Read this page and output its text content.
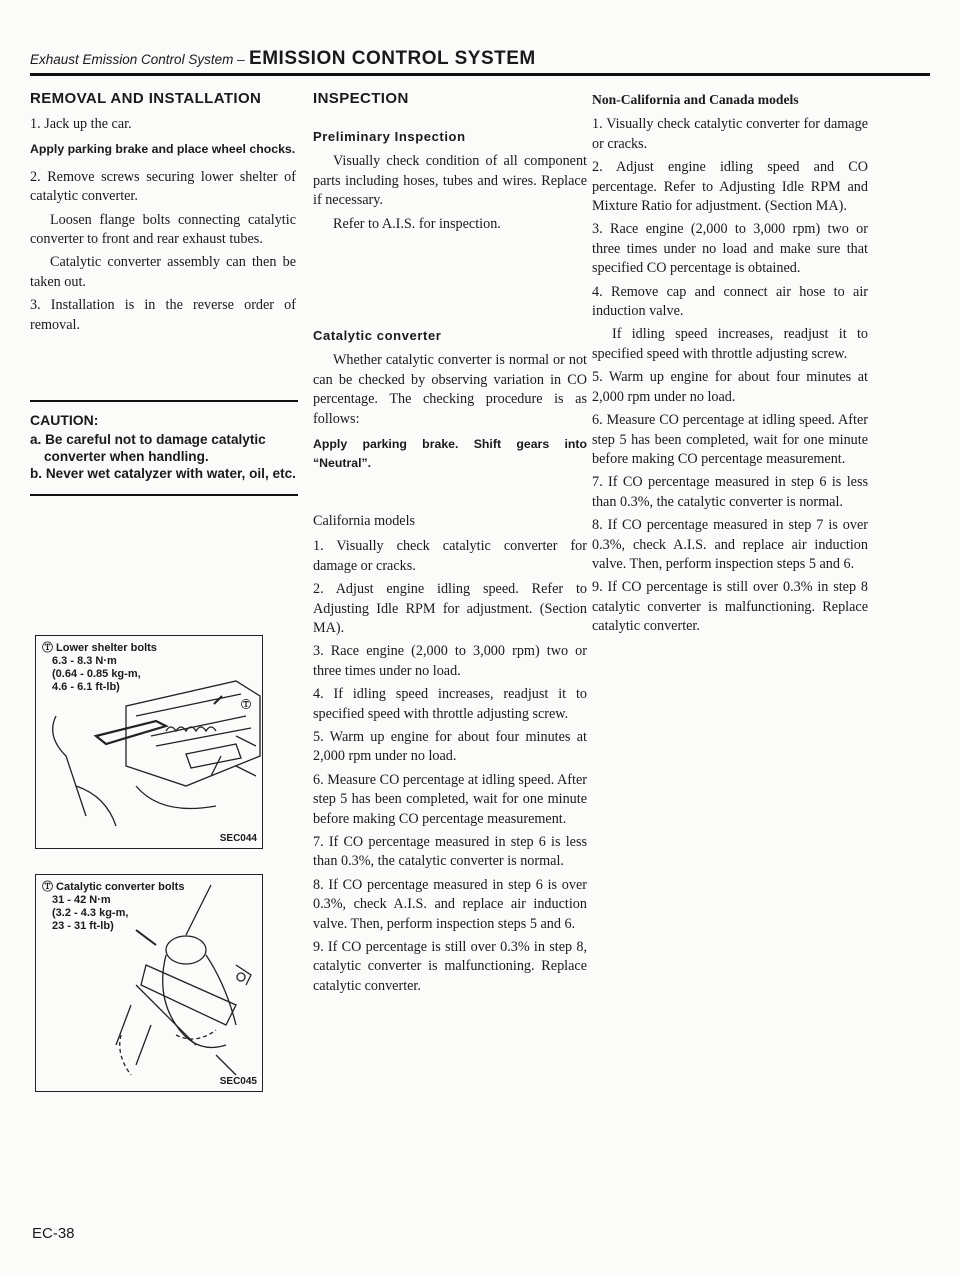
Exhaust Emission Control System – EMISSION CONTROL SYSTEM
REMOVAL AND INSTALLATION

1. Jack up the car.

Apply parking brake and place wheel chocks.

2. Remove screws securing lower shelter of catalytic converter.

Loosen flange bolts connecting catalytic converter to front and rear exhaust tubes.

Catalytic converter assembly can then be taken out.

3. Installation is in the reverse order of removal.

CAUTION:
a. Be careful not to damage catalytic converter when handling.
b. Never wet catalyzer with water, oil, etc.
Ⓣ Lower shelter bolts
6.3 - 8.3 N·m
(0.64 - 0.85 kg-m,
4.6 - 6.1 ft-lb)
Ⓣ
SEC044
Ⓣ Catalytic converter bolts
31 - 42 N·m
(3.2 - 4.3 kg-m,
23 - 31 ft-lb)
SEC045
INSPECTION
Preliminary Inspection

Visually check condition of all component parts including hoses, tubes and wires. Replace if necessary.

Refer to A.I.S. for inspection.

Catalytic converter

Whether catalytic converter is normal or not can be checked by observing variation in CO percentage. The checking procedure is as follows:

Apply parking brake. Shift gears into “Neutral”.

California models

1. Visually check catalytic converter for damage or cracks.

2. Adjust engine idling speed. Refer to Adjusting Idle RPM for adjustment. (Section MA).

3. Race engine (2,000 to 3,000 rpm) two or three times under no load.

4. If idling speed increases, readjust it to specified speed with throttle adjusting screw.

5. Warm up engine for about four minutes at 2,000 rpm under no load.

6. Measure CO percentage at idling speed. After step 5 has been completed, wait for one minute before making CO percentage measurement.

7. If CO percentage measured in step 6 is less than 0.3%, the catalytic converter is normal.

8. If CO percentage measured in step 6 is over 0.3%, check A.I.S. and replace air induction valve. Then, perform inspection steps 5 and 6.

9. If CO percentage is still over 0.3% in step 8, catalytic converter is malfunctioning. Replace catalytic converter.

Non-California and Canada models

1. Visually check catalytic converter for damage or cracks.

2. Adjust engine idling speed and CO percentage. Refer to Adjusting Idle RPM and Mixture Ratio for adjustment. (Section MA).

3. Race engine (2,000 to 3,000 rpm) two or three times under no load and make sure that specified CO percentage is obtained.

4. Remove cap and connect air hose to air induction valve.

If idling speed increases, readjust it to specified speed with throttle adjusting screw.

5. Warm up engine for about four minutes at 2,000 rpm under no load.

6. Measure CO percentage at idling speed. After step 5 has been completed, wait for one minute before making CO percentage measurement.

7. If CO percentage measured in step 6 is less than 0.3%, the catalytic converter is normal.

8. If CO percentage measured in step 7 is over 0.3%, check A.I.S. and replace air induction valve. Then, perform inspection steps 5 and 6.

9. If CO percentage is still over 0.3% in step 8 catalytic converter is malfunctioning. Replace catalytic converter.

EC-38
